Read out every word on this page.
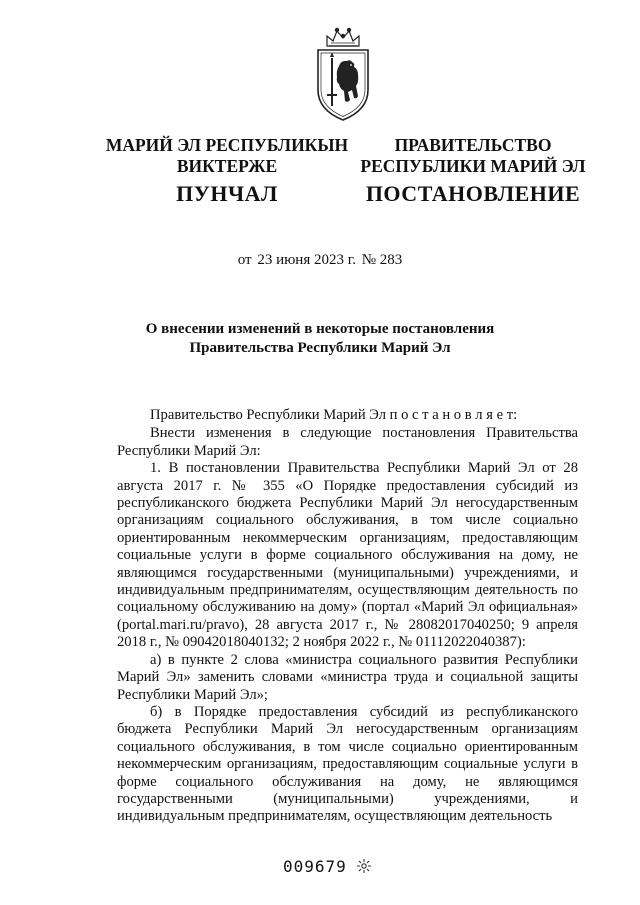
МАРИЙ ЭЛ РЕСПУБЛИКЫН
ВИКТЕРЖЕ
ПУНЧАЛ
ПРАВИТЕЛЬСТВО
РЕСПУБЛИКИ МАРИЙ ЭЛ
ПОСТАНОВЛЕНИЕ
от 23 июня 2023 г. № 283
О внесении изменений в некоторые постановления
Правительства Республики Марий Эл

Правительство Республики Марий Эл п о с т а н о в л я е т:

Внести изменения в следующие постановления Правительства Республики Марий Эл:

1. В постановлении Правительства Республики Марий Эл от 28 августа 2017 г. № 355 «О Порядке предоставления субсидий из республиканского бюджета Республики Марий Эл негосударственным организациям социального обслуживания, в том числе социально ориентированным некоммерческим организациям, предоставляющим социальные услуги в форме социального обслуживания на дому, не являющимся государственными (муниципальными) учреждениями, и индивидуальным предпринимателям, осуществляющим деятельность по социальному обслуживанию на дому» (портал «Марий Эл официальная» (portal.mari.ru/pravo), 28 августа 2017 г., № 28082017040250; 9 апреля 2018 г., № 09042018040132; 2 ноября 2022 г., № 01112022040387):

а) в пункте 2 слова «министра социального развития Республики Марий Эл» заменить словами «министра труда и социальной защиты Республики Марий Эл»;

б) в Порядке предоставления субсидий из республиканского бюджета Республики Марий Эл негосударственным организациям социального обслуживания, в том числе социально ориентированным некоммерческим организациям, предоставляющим социальные услуги в форме социального обслуживания на дому, не являющимся государственными (муниципальными) учреждениями, и индивидуальным предпринимателям, осуществляющим деятельность

009679
